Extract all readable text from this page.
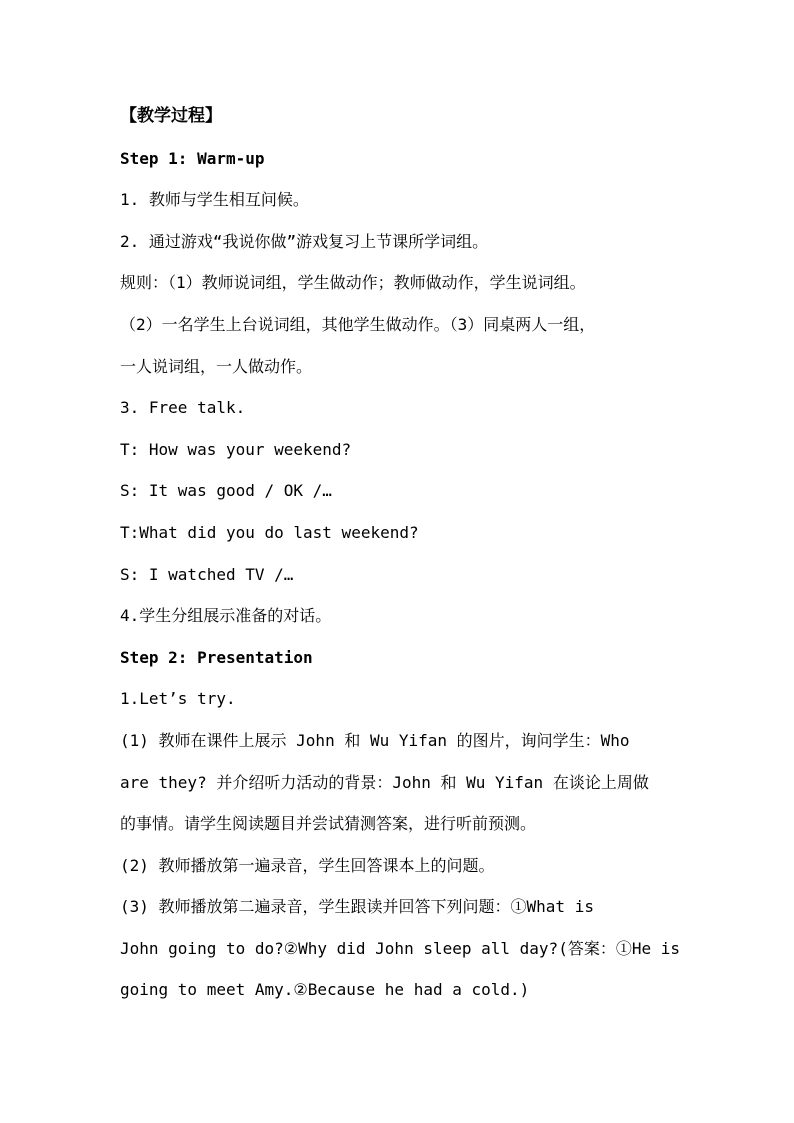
【教学过程】
Step 1: Warm-up
1. 教师与学生相互问候。
2. 通过游戏“我说你做”游戏复习上节课所学词组。
规则：（1）教师说词组，学生做动作；教师做动作，学生说词组。
（2）一名学生上台说词组，其他学生做动作。（3）同桌两人一组，
一人说词组，一人做动作。
3. Free talk.
T: How was your weekend?
S: It was good / OK /…
T:What did you do last weekend?
S: I watched TV /…
4.学生分组展示准备的对话。
Step 2: Presentation
1.Let’s try.
(1) 教师在课件上展示 John 和 Wu Yifan 的图片，询问学生：Who
are they? 并介绍听力活动的背景：John 和 Wu Yifan 在谈论上周做
的事情。请学生阅读题目并尝试猜测答案，进行听前预测。
(2) 教师播放第一遍录音，学生回答课本上的问题。
(3) 教师播放第二遍录音，学生跟读并回答下列问题：①What is
John going to do?②Why did John sleep all day?(答案：①He is
going to meet Amy.②Because he had a cold.)
